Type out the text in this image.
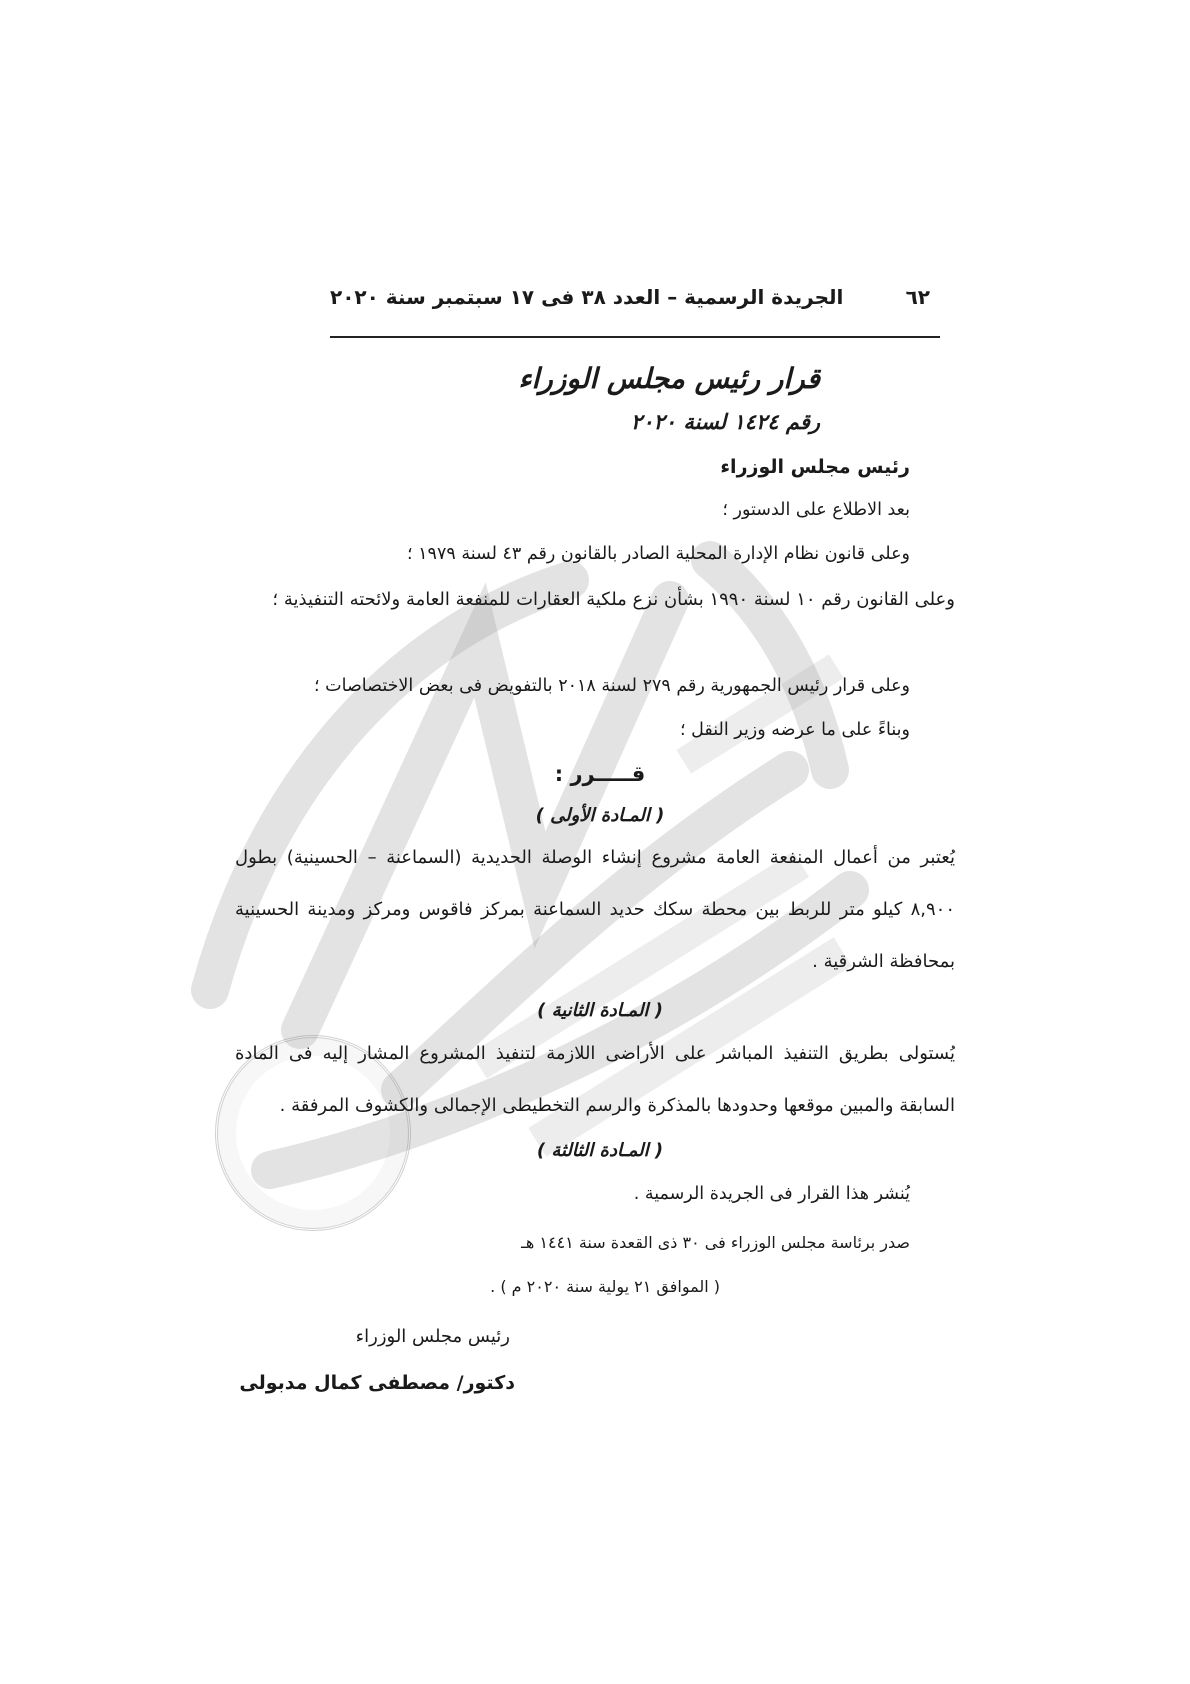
٦٢
الجريدة الرسمية – العدد ٣٨ فى ١٧ سبتمبر سنة ٢٠٢٠
قرار رئيس مجلس الوزراء
رقم ١٤٢٤ لسنة ٢٠٢٠
رئيس مجلس الوزراء
بعد الاطلاع على الدستور ؛
وعلى قانون نظام الإدارة المحلية الصادر بالقانون رقم ٤٣ لسنة ١٩٧٩ ؛
وعلى القانون رقم ١٠ لسنة ١٩٩٠ بشأن نزع ملكية العقارات للمنفعة العامة ولائحته التنفيذية ؛
وعلى قرار رئيس الجمهورية رقم ٢٧٩ لسنة ٢٠١٨ بالتفويض فى بعض الاختصاصات ؛
وبناءً على ما عرضه وزير النقل ؛
قـــــرر :
( المـادة الأولى )
يُعتبر من أعمال المنفعة العامة مشروع إنشاء الوصلة الحديدية (السماعنة – الحسينية) بطول ٨,٩٠٠ كيلو متر للربط بين محطة سكك حديد السماعنة بمركز فاقوس ومركز ومدينة الحسينية بمحافظة الشرقية .
( المـادة الثانية )
يُستولى بطريق التنفيذ المباشر على الأراضى اللازمة لتنفيذ المشروع المشار إليه فى المادة السابقة والمبين موقعها وحدودها بالمذكرة والرسم التخطيطى الإجمالى والكشوف المرفقة .
( المـادة الثالثة )
يُنشر هذا القرار فى الجريدة الرسمية .
صدر برئاسة مجلس الوزراء فى ٣٠ ذى القعدة سنة ١٤٤١ هـ
( الموافق ٢١ يولية سنة ٢٠٢٠ م ) .
رئيس مجلس الوزراء
دكتور/ مصطفى كمال مدبولى
